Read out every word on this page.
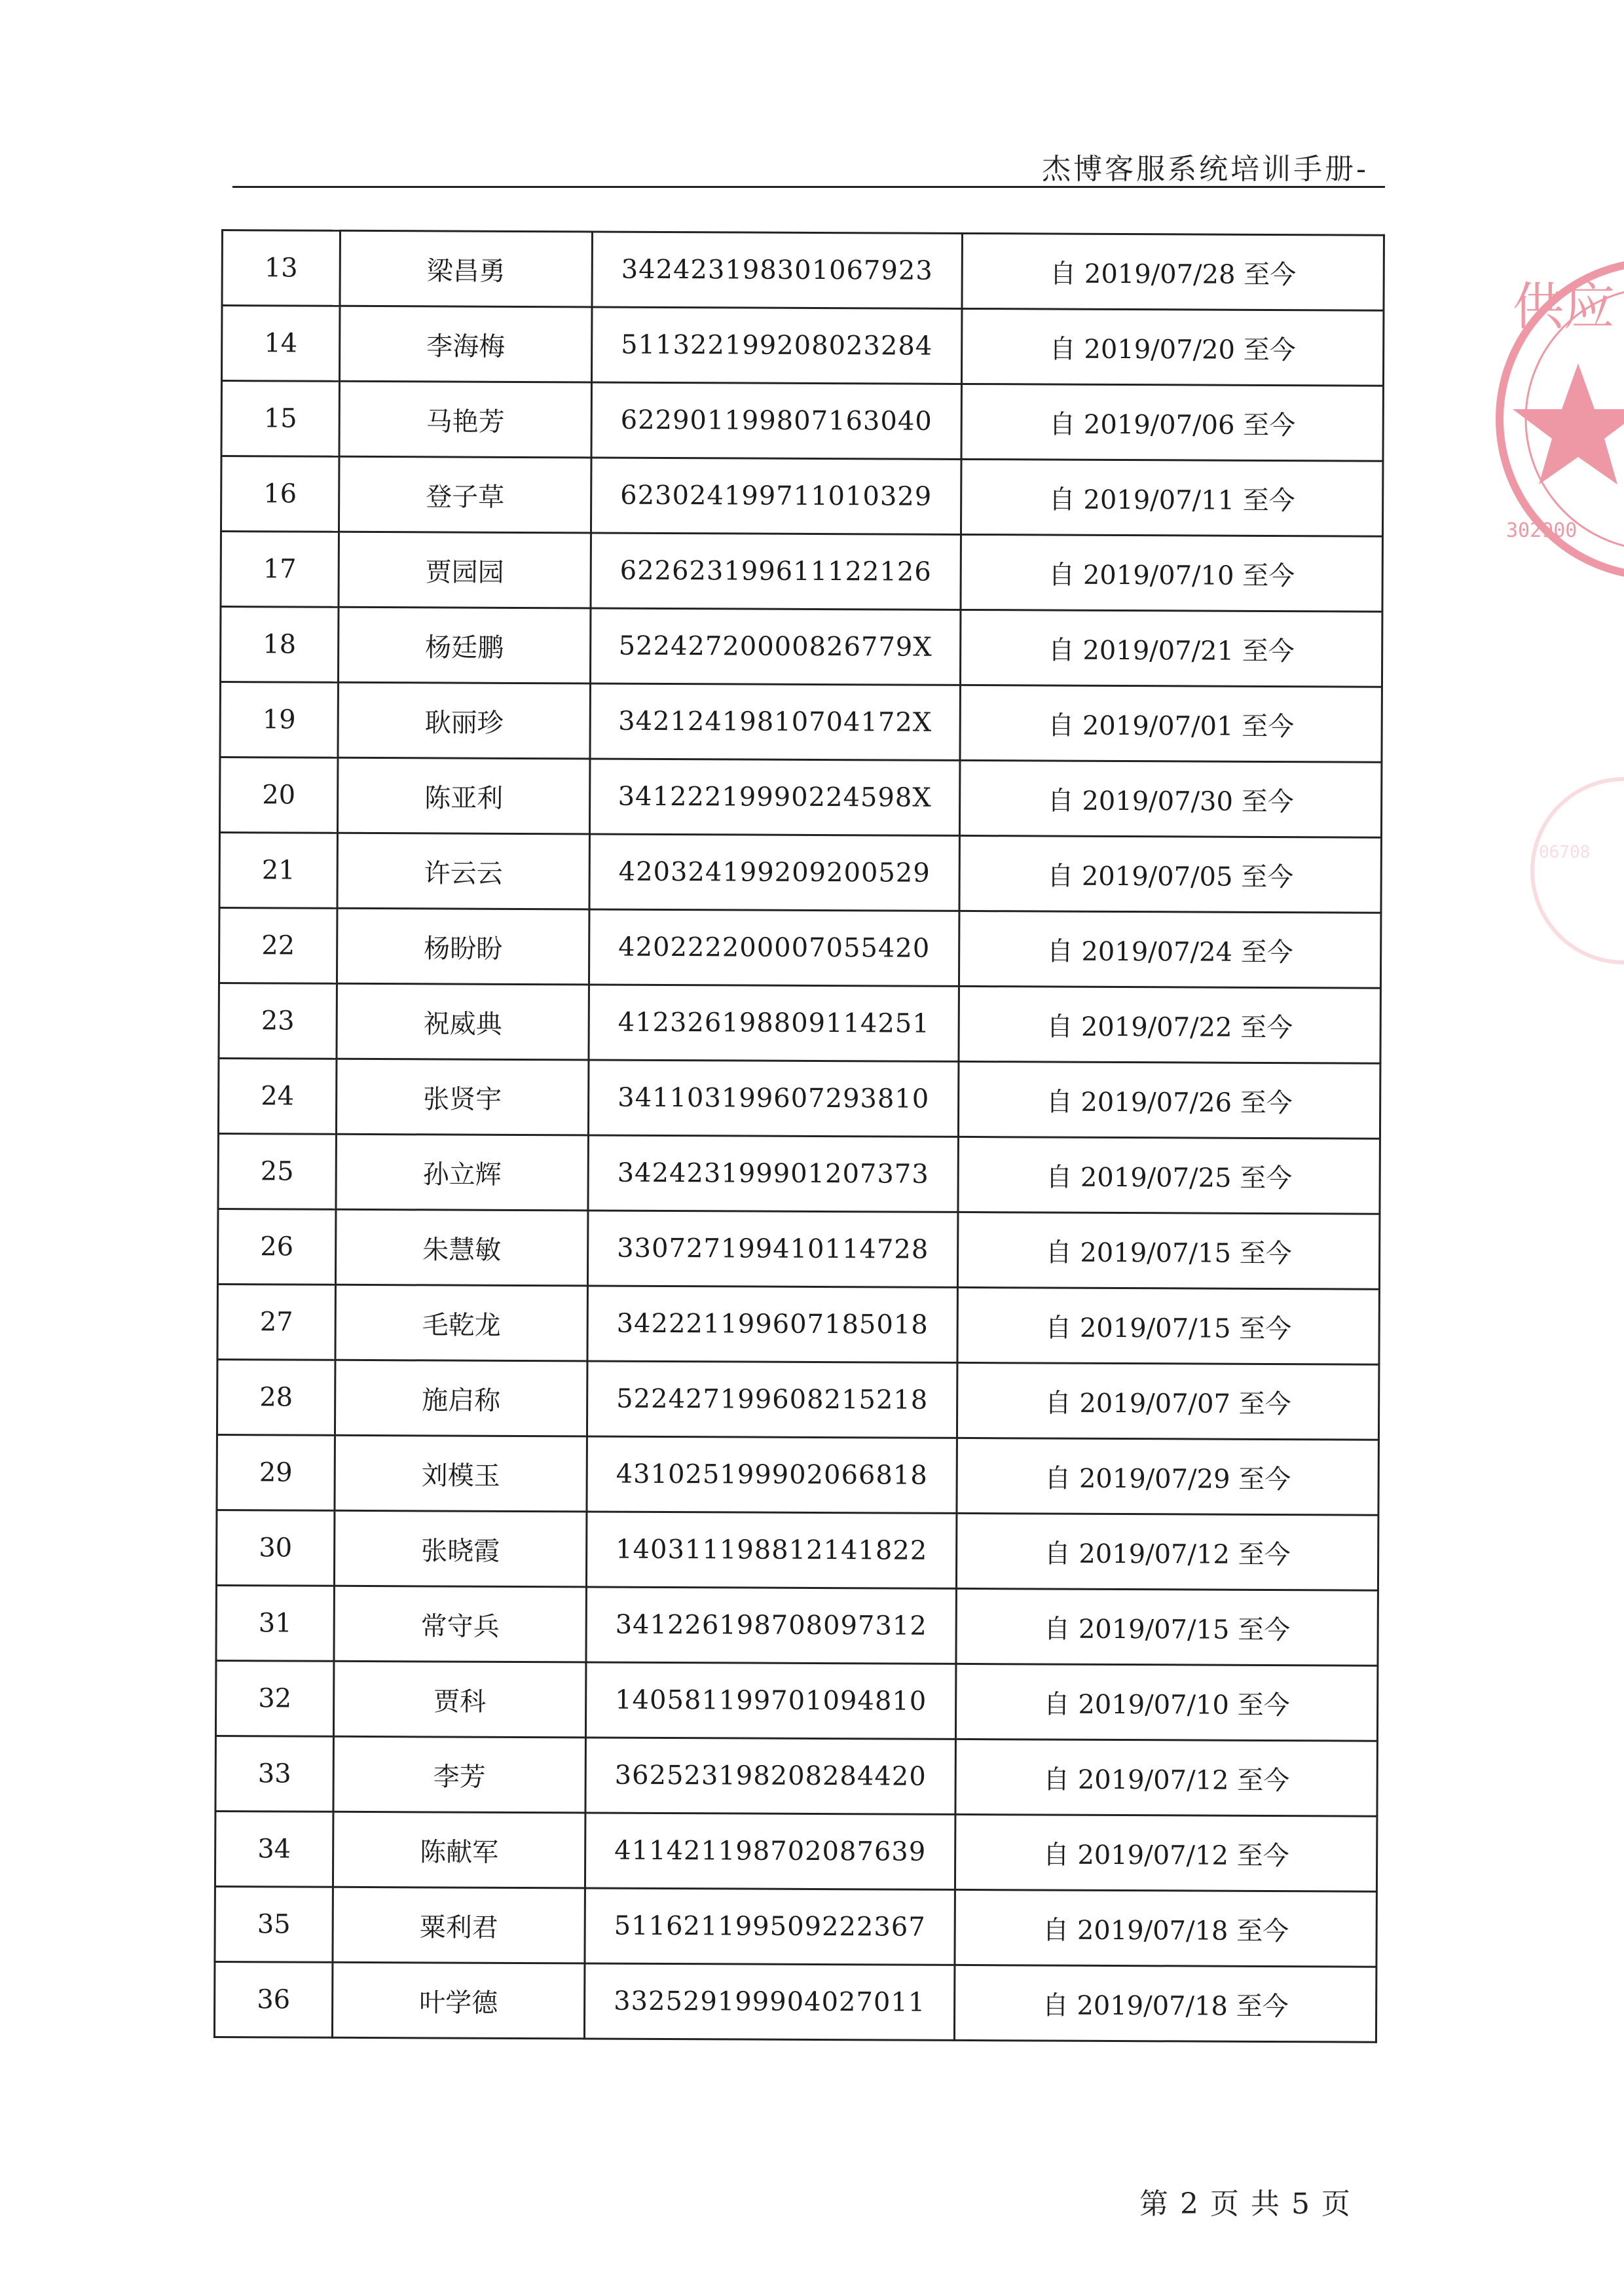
杰博客服系统培训手册-
13	梁昌勇	342423198301067923	自 2019/07/28 至今
14	李海梅	511322199208023284	自 2019/07/20 至今
15	马艳芳	622901199807163040	自 2019/07/06 至今
16	登子草	623024199711010329	自 2019/07/11 至今
17	贾园园	622623199611122126	自 2019/07/10 至今
18	杨廷鹏	52242720000826779X	自 2019/07/21 至今
19	耿丽珍	34212419810704172X	自 2019/07/01 至今
20	陈亚利	34122219990224598X	自 2019/07/30 至今
21	许云云	420324199209200529	自 2019/07/05 至今
22	杨盼盼	420222200007055420	自 2019/07/24 至今
23	祝威典	412326198809114251	自 2019/07/22 至今
24	张贤宇	341103199607293810	自 2019/07/26 至今
25	孙立辉	342423199901207373	自 2019/07/25 至今
26	朱慧敏	330727199410114728	自 2019/07/15 至今
27	毛乾龙	342221199607185018	自 2019/07/15 至今
28	施启称	522427199608215218	自 2019/07/07 至今
29	刘模玉	431025199902066818	自 2019/07/29 至今
30	张晓霞	140311198812141822	自 2019/07/12 至今
31	常守兵	341226198708097312	自 2019/07/15 至今
32	贾科	140581199701094810	自 2019/07/10 至今
33	李芳	362523198208284420	自 2019/07/12 至今
34	陈献军	411421198702087639	自 2019/07/12 至今
35	粟利君	511621199509222367	自 2019/07/18 至今
36	叶学德	332529199904027011	自 2019/07/18 至今
供应
302900
06708
第 2 页 共 5 页
